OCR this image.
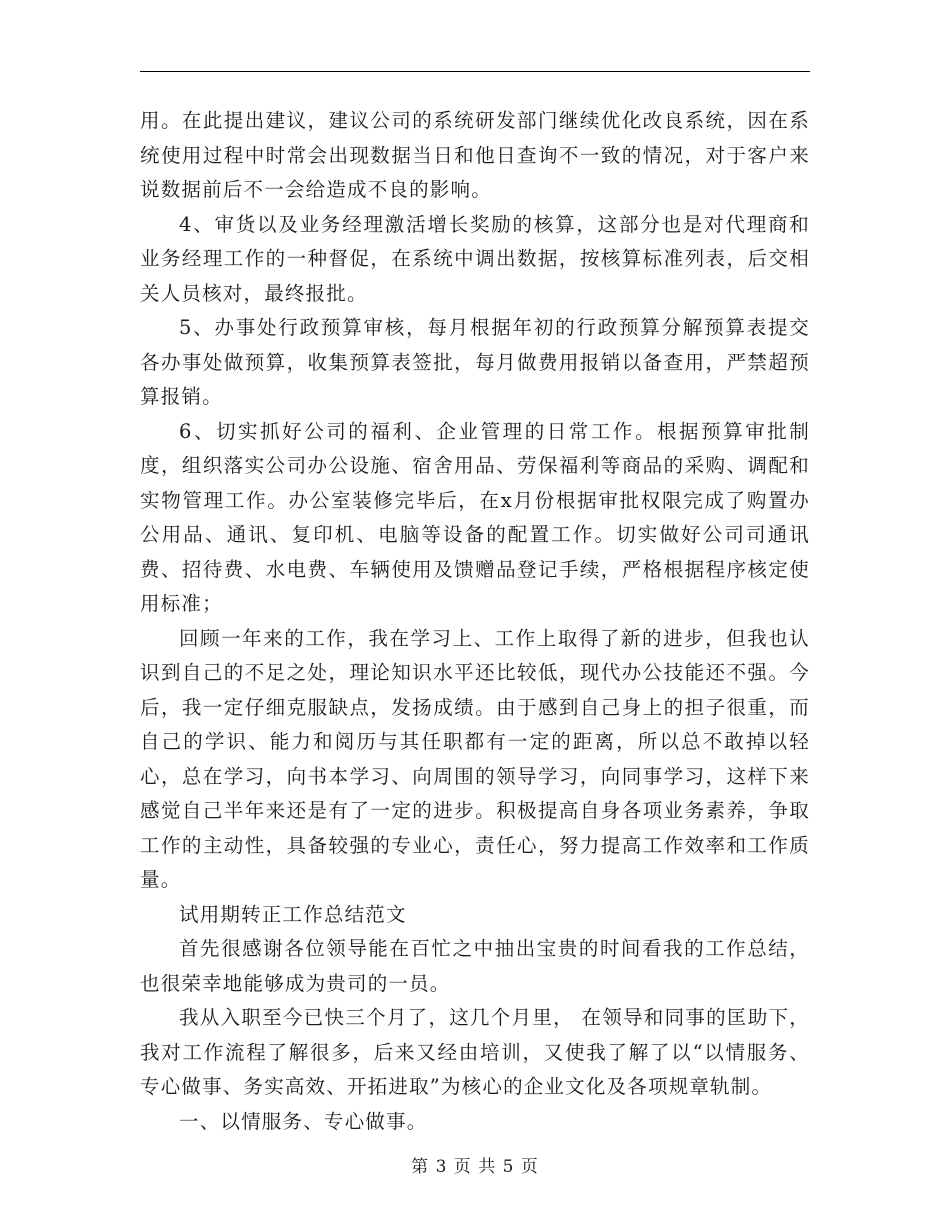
用。在此提出建议，建议公司的系统研发部门继续优化改良系统，因在系统使用过程中时常会出现数据当日和他日查询不一致的情况，对于客户来说数据前后不一会给造成不良的影响。

4、审货以及业务经理激活增长奖励的核算，这部分也是对代理商和业务经理工作的一种督促，在系统中调出数据，按核算标准列表，后交相关人员核对，最终报批。

5、办事处行政预算审核，每月根据年初的行政预算分解预算表提交各办事处做预算，收集预算表签批，每月做费用报销以备查用，严禁超预算报销。

6、切实抓好公司的福利、企业管理的日常工作。根据预算审批制度，组织落实公司办公设施、宿舍用品、劳保福利等商品的采购、调配和实物管理工作。办公室装修完毕后，在x月份根据审批权限完成了购置办公用品、通讯、复印机、电脑等设备的配置工作。切实做好公司司通讯费、招待费、水电费、车辆使用及馈赠品登记手续，严格根据程序核定使用标准；

回顾一年来的工作，我在学习上、工作上取得了新的进步，但我也认识到自己的不足之处，理论知识水平还比较低，现代办公技能还不强。今后，我一定仔细克服缺点，发扬成绩。由于感到自己身上的担子很重，而自己的学识、能力和阅历与其任职都有一定的距离，所以总不敢掉以轻心，总在学习，向书本学习、向周围的领导学习，向同事学习，这样下来感觉自己半年来还是有了一定的进步。积极提高自身各项业务素养，争取工作的主动性，具备较强的专业心，责任心，努力提高工作效率和工作质量。

试用期转正工作总结范文

首先很感谢各位领导能在百忙之中抽出宝贵的时间看我的工作总结，也很荣幸地能够成为贵司的一员。

我从入职至今已快三个月了，这几个月里， 在领导和同事的匡助下，我对工作流程了解很多，后来又经由培训，又使我了解了以“以情服务、专心做事、务实高效、开拓进取”为核心的企业文化及各项规章轨制。

一、以情服务、专心做事。

第 3 页 共 5 页
